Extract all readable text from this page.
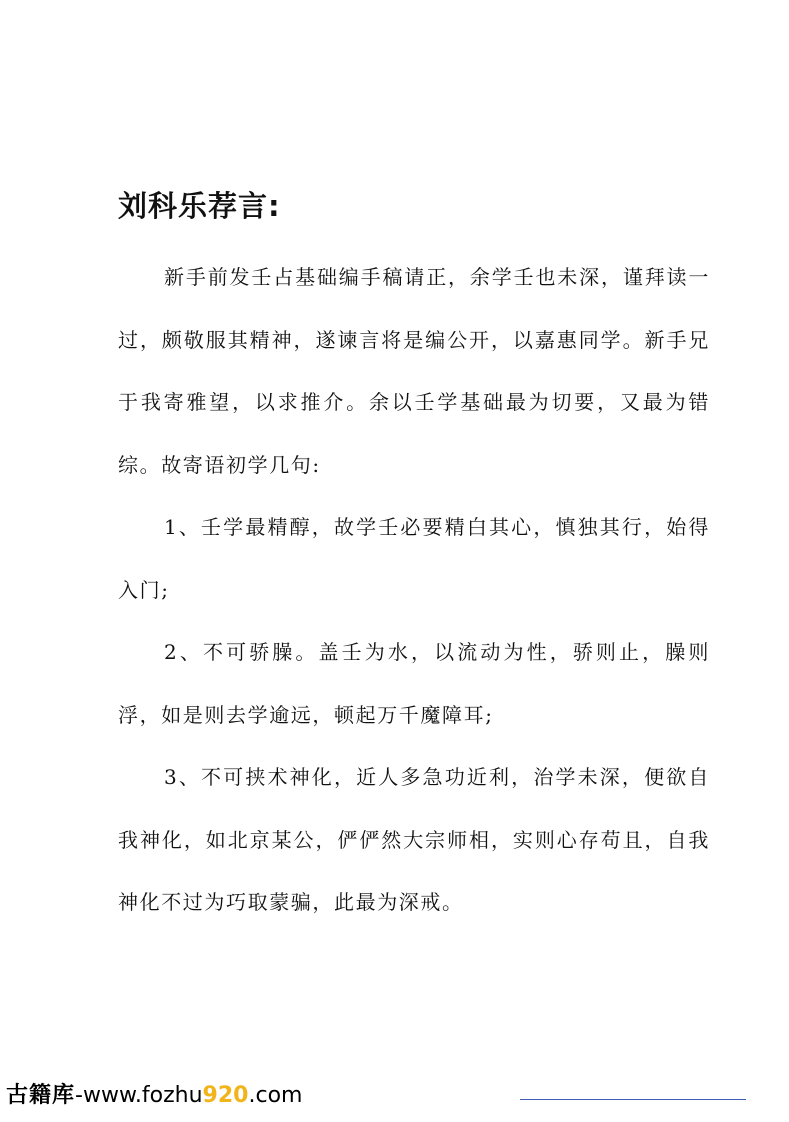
刘科乐荐言:

新手前发壬占基础编手稿请正，余学壬也未深，谨拜读一过，颇敬服其精神，遂谏言将是编公开，以嘉惠同学。新手兄于我寄雅望，以求推介。余以壬学基础最为切要，又最为错综。故寄语初学几句:

1、壬学最精醇，故学壬必要精白其心，慎独其行，始得入门;

2、不可骄臊。盖壬为水，以流动为性，骄则止，臊则浮，如是则去学逾远，顿起万千魔障耳;

3、不可挟术神化，近人多急功近利，治学未深，便欲自我神化，如北京某公，俨俨然大宗师相，实则心存苟且，自我神化不过为巧取蒙骗，此最为深戒。

古籍库-www.fozhu920.com
